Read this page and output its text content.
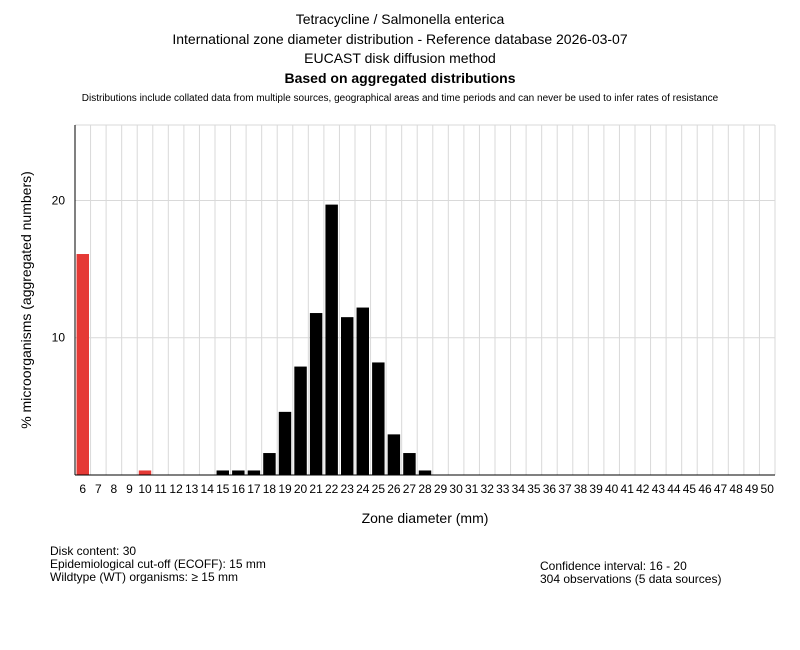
Tetracycline / Salmonella enterica
International zone diameter distribution - Reference database 2026-03-07
EUCAST disk diffusion method
Based on aggregated distributions
Distributions include collated data from multiple sources, geographical areas and time periods and can never be used to infer rates of resistance
10
20
6 7 8 9 10 11 12 13 14 15 16 17 18 19 20 21 22 23 24 25 26 27 28 29 30 31 32 33 34 35 36 37 38 39 40 41 42 43 44 45 46 47 48 49 50
Zone diameter (mm)
% microorganisms (aggregated numbers)
Disk content: 30
Epidemiological cut-off (ECOFF): 15 mm
Wildtype (WT) organisms: ≥ 15 mm
Confidence interval: 16 - 20
304 observations (5 data sources)
